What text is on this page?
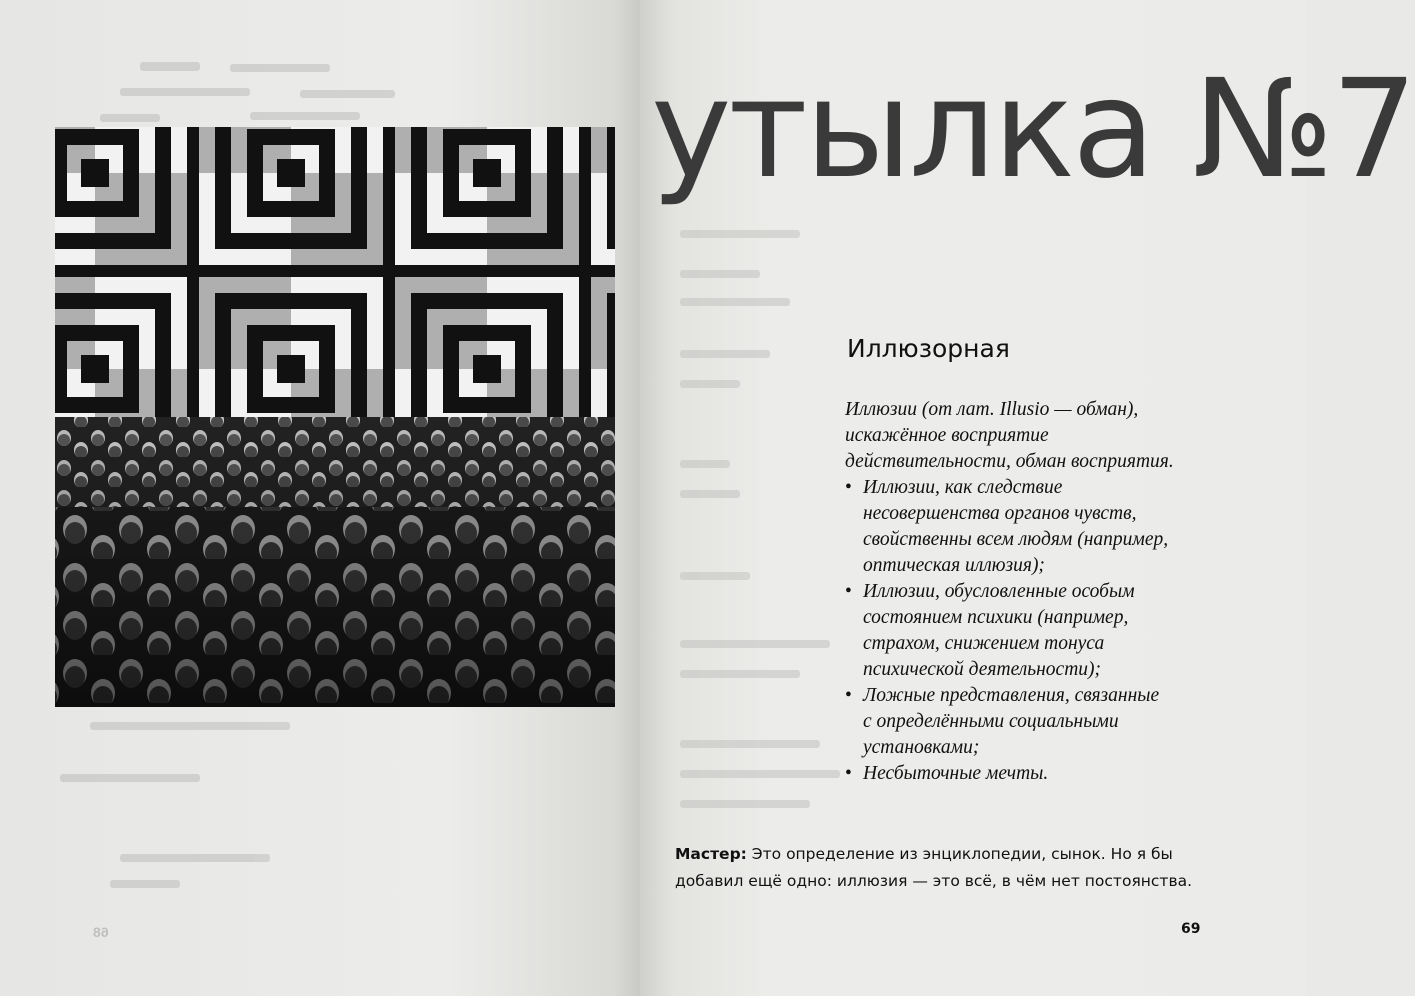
68
утылка №7
Иллюзорная

Иллюзии (от лат. Illusio — обман),
искажённое восприятие
действительности, обман восприятия.

• Иллюзии, как следствие
несовершенства органов чувств,
свойственны всем людям (например,
оптическая иллюзия);
• Иллюзии, обусловленные особым
состоянием психики (например,
страхом, снижением тонуса
психической деятельности);
• Ложные представления, связанные
с определёнными социальными
установками;
• Несбыточные мечты.
Мастер: Это определение из энциклопедии, сынок. Но я бы
добавил ещё одно: иллюзия — это всё, в чём нет постоянства.
69
